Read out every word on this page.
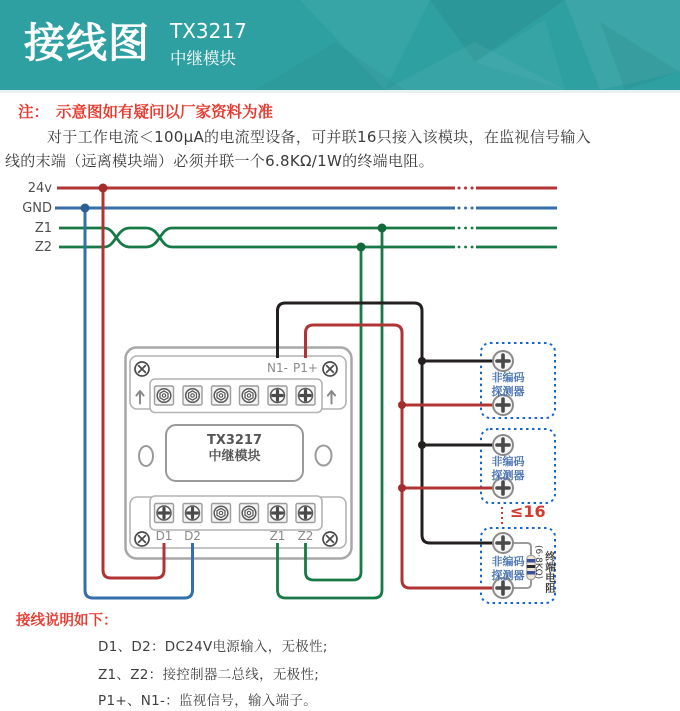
接线图 TX3217
中继模块
注： 示意图如有疑问以厂家资料为准
对于工作电流＜100μA的电流型设备，可并联16只接入该模块，在监视信号输入
线的末端（远离模块端）必须并联一个6.8KΩ/1W的终端电阻。
24v
GND
Z1
Z2
N1- P1+
D1 D2	Z1	Z2
TX3217
中继模块
非编码
探测器
非编码
探测器
非编码
探测器
≤16
(6·8KΩ) 终端电阻
接线说明如下：
D1、D2：DC24V电源输入，无极性;
Z1、Z2：接控制器二总线，无极性;
P1+、N1-：监视信号，输入端子。
